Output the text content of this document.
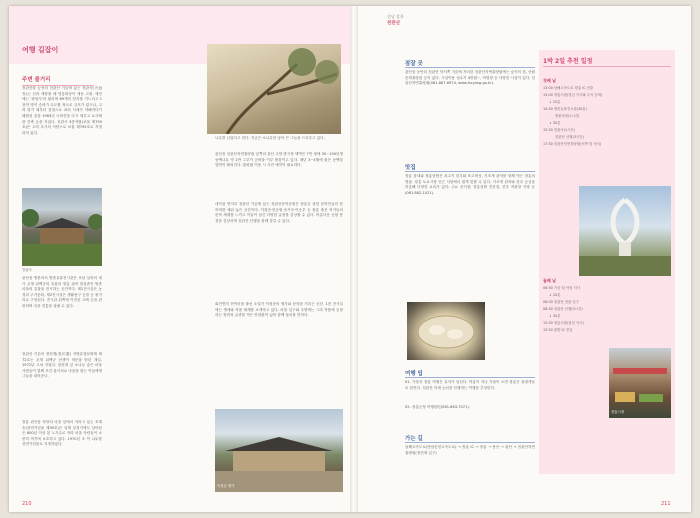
여행 길잡이
주변 볼거리
천관산을 능선의 천관산 기슭에 있는 천관사(天冠寺)는 신라 애장왕 때 영통화상이 세운 고찰. 예전에는 '화엄사'라 불리며 89개의 암자를 거느리고 1천여 명이 승려가 수도할 정도로 규모가 컸으나, 고려 말기 때부터 점점으로 쇠퇴 사세가 약해지다가 폐찰된 것을 1963년 극락전을 다시 세우고 요사채를 증축 등을 지었다. 천관사 3층석탑(보물 제795호)은 고려 초기의 석탑으로 보물 제795호로 지정되어 있다.
천관사
관산읍 방촌리의 방촌유물전시관은 호남 실학의 대가 존재 위백규의 유물과 장흥 위씨 집성촌인 방촌 마을의 유물을 전시하는 공간이다. 제1전시실은 농경과 주거문화, 제2전시실은 생활용구 등을 등 볼거리로 구성된다. 전시관 뒤쪽에 이전된 고택 등을 관람하며 마을 전통을 살필 수 있다.
천관산 기슭의 장천재(長川齋) 지방유형문화재 제72호는 존재 위백규 선생이 학문을 닦던 재실. 1972년 고쳐 지었다. 장천재 앞 소나무 숲은 마을 사람들이 함께 모인 휴식처로 마을을 찾는 이들에게 그늘을 내어준다.
장흥 관산읍 학당리 마을 앞에서 자라고 있는 호계송(천연기념물 제39호)은 일제 강점기에도 살아남은 800년 이상 된 노거수로 자라 마을 사람들이 소중히 여기며 보호하고 있다. 1970년 초 이 나무를 천연기념물로 지정하였다.
나무를 심었다고 한다. 지금은 소나무만 남아 큰 그늘을 드리우고 있다.
관산읍 천관산자연휴양림 앞쪽의 관산 주말 밤시장 택벽은 7만 평에 30~100년생 동백나무 약 2만 그루가 군락을 이루 풀꽃이고 있다. 매년 3~4월에 붉은 동백꽃 향연이 펼쳐진다. 휴양림 이용 시 사전 예약이 필요하다.
대덕읍 연지리 천관산 기슭에 있는 천관산문학공원은 장흥군 관련 문학인들의 문학비를 세워 놓은 공간이다. 이청준·한승원·송기숙·이승우 등 장흥 출신 작가들의 문학 세계를 느끼고 이들이 남긴 다양한 글귀를 감상할 수 있다. 아름다운 공원 풍경을 감상하며 천관산 산행을 함께 즐길 수 있다.
회진면의 진목마을 출신 소설가 이청준의 생가와 문학을 기리는 공간. 1층 전시실에는 생애와 작품 세계를 소개하고 있다. 마을 입구와 주변에는 그의 작품에 등장하는 장면과 글귀를 적은 안내판이 있어 함께 둘러볼 만하다.
이청준 생가
210
전남 장흥
천관산
잠잘 곳
관산읍 농안리 천관산 북서쪽 기슭에 자리한 천관산자연휴양림에는 숲속의 집, 산림문화휴양관 등이 있다. 시설이용 성수기 4만원~, 야영장 등 다양한 시설이 있다. 천관산자연휴양림(061.867.6974, www.huyang.go.kr).
맛집
장흥 읍내와 장흥삼합은 쇠고기 한우와 표고버섯, 키조개 관자를 함께 먹는 장흥의 명물. 장흥 토요시장 인근 식당에서 쉽게 맛볼 수 있다. 키조개 관자와 한우 등심을 비롯해 다양한 요리가 있다. 주요 음식점: 장흥삼합 전문점, 한우 직판장 식당 등(061.862.1021).
여행 팁
01. 가을산 장흥 여행은 유자가 넘친다. 여름이 지나 가을이 오면 장흥은 관광객들로 붐빈다. 천관산 억새 능선을 산행하는 여행을 추천한다.
02. 장흥군청 여행관련(061.863.7071).
가는 길
남해고속도로(영암순천고속도로) → 장흥 IC → 장흥 → 용산 → 관산 → 천관산자연휴양림(장천재 입구)
1박 2일 추천 일정
첫째 날
13:00 남해고속도로 장흥 IC 진출
13:00 장흥시장(점심 식사와 주식 준비)
↓ 20분
14:30 방촌유물전시관(30분)
방촌마을(1시간)
↓ 30분
15:30 천관사(1시간)
천관산 산행(3시간)
17:30 천관산자연휴양림(석박 및 석식)
둘째 날
06:30 기상 및 아침 식사
↓ 20분
08:00 천관산 전관 입구
08:30 천관산 산행(3시간)
↓ 30분
12:30 장흥시장(점심 식사)
13:30 출발 IC 진입
장흥시장
211
